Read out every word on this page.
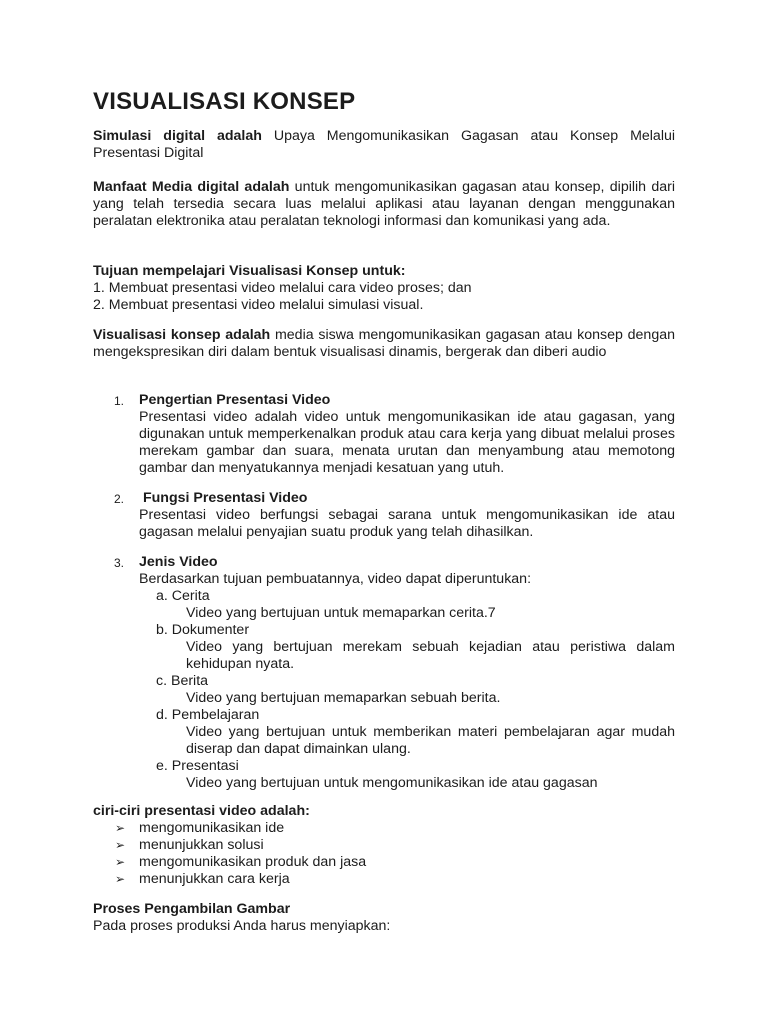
VISUALISASI KONSEP

Simulasi digital adalah Upaya Mengomunikasikan Gagasan atau Konsep Melalui Presentasi Digital

Manfaat Media digital adalah untuk mengomunikasikan gagasan atau konsep, dipilih dari yang telah tersedia secara luas melalui aplikasi atau layanan dengan menggunakan peralatan elektronika atau peralatan teknologi informasi dan komunikasi yang ada.

Tujuan mempelajari Visualisasi Konsep untuk:
1. Membuat presentasi video melalui cara video proses; dan
2. Membuat presentasi video melalui simulasi visual.

Visualisasi konsep adalah media siswa mengomunikasikan gagasan atau konsep dengan mengekspresikan diri dalam bentuk visualisasi dinamis, bergerak dan diberi audio

1. Pengertian Presentasi Video
Presentasi video adalah video untuk mengomunikasikan ide atau gagasan, yang digunakan untuk memperkenalkan produk atau cara kerja yang dibuat melalui proses merekam gambar dan suara, menata urutan dan menyambung atau memotong gambar dan menyatukannya menjadi kesatuan yang utuh.
2. Fungsi Presentasi Video
Presentasi video berfungsi sebagai sarana untuk mengomunikasikan ide atau gagasan melalui penyajian suatu produk yang telah dihasilkan.
3. Jenis Video
Berdasarkan tujuan pembuatannya, video dapat diperuntukan:
a. Cerita
Video yang bertujuan untuk memaparkan cerita.7
b. Dokumenter
Video yang bertujuan merekam sebuah kejadian atau peristiwa dalam kehidupan nyata.
c. Berita
Video yang bertujuan memaparkan sebuah berita.
d. Pembelajaran
Video yang bertujuan untuk memberikan materi pembelajaran agar mudah diserap dan dapat dimainkan ulang.
e. Presentasi
Video yang bertujuan untuk mengomunikasikan ide atau gagasan
ciri-ciri presentasi video adalah:
➢ mengomunikasikan ide
➢ menunjukkan solusi
➢ mengomunikasikan produk dan jasa
➢ menunjukkan cara kerja
Proses Pengambilan Gambar
Pada proses produksi Anda harus menyiapkan:
